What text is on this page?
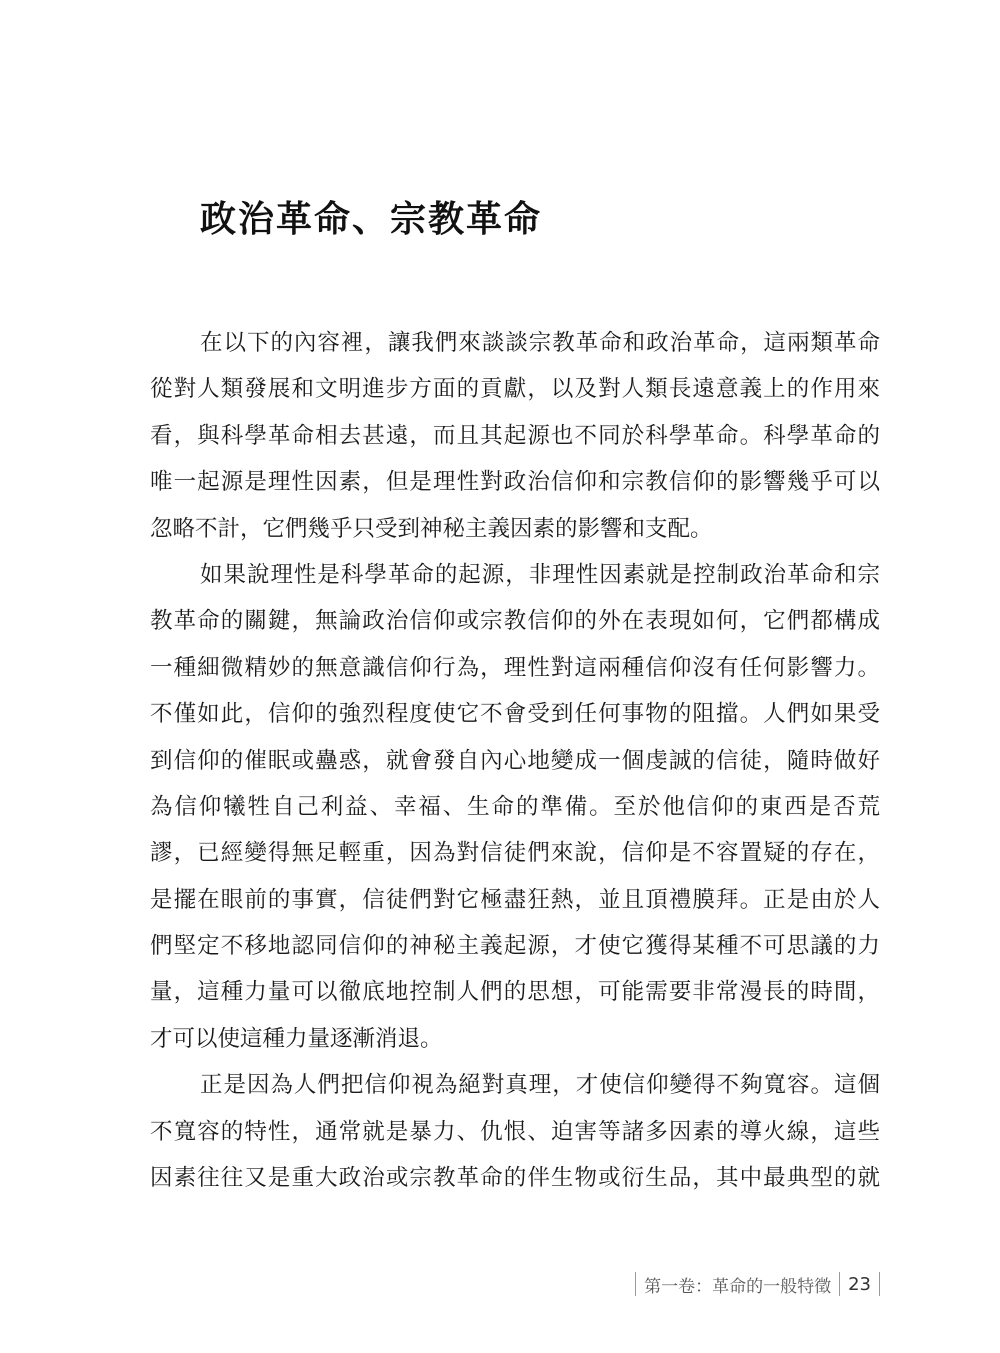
政治革命、宗教革命
在以下的內容裡，讓我們來談談宗教革命和政治革命，這兩類革命
從對人類發展和文明進步方面的貢獻，以及對人類長遠意義上的作用來
看，與科學革命相去甚遠，而且其起源也不同於科學革命。科學革命的
唯一起源是理性因素，但是理性對政治信仰和宗教信仰的影響幾乎可以
忽略不計，它們幾乎只受到神秘主義因素的影響和支配。
如果說理性是科學革命的起源，非理性因素就是控制政治革命和宗
教革命的關鍵，無論政治信仰或宗教信仰的外在表現如何，它們都構成
一種細微精妙的無意識信仰行為，理性對這兩種信仰沒有任何影響力。
不僅如此，信仰的強烈程度使它不會受到任何事物的阻擋。人們如果受
到信仰的催眠或蠱惑，就會發自內心地變成一個虔誠的信徒，隨時做好
為信仰犧牲自己利益、幸福、生命的準備。至於他信仰的東西是否荒
謬，已經變得無足輕重，因為對信徒們來說，信仰是不容置疑的存在，
是擺在眼前的事實，信徒們對它極盡狂熱，並且頂禮膜拜。正是由於人
們堅定不移地認同信仰的神秘主義起源，才使它獲得某種不可思議的力
量，這種力量可以徹底地控制人們的思想，可能需要非常漫長的時間，
才可以使這種力量逐漸消退。
正是因為人們把信仰視為絕對真理，才使信仰變得不夠寬容。這個
不寬容的特性，通常就是暴力、仇恨、迫害等諸多因素的導火線，這些
因素往往又是重大政治或宗教革命的伴生物或衍生品，其中最典型的就
第一卷：革命的一般特徵 23
